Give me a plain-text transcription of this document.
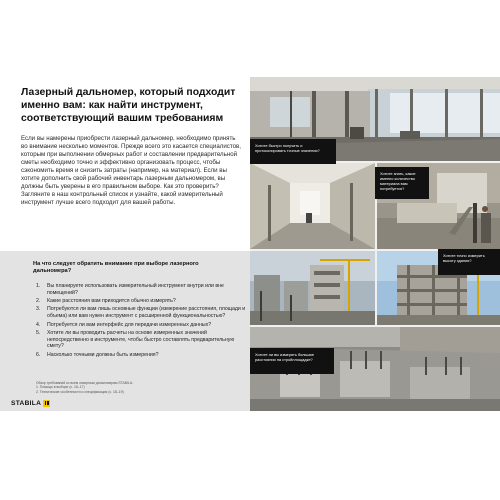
Лазерный дальномер, который подходит именно вам: как найти инструмент, соответствующий вашим требованиям
Если вы намерены приобрести лазерный дальномер, необходимо принять во внимание несколько моментов. Прежде всего это касается специалистов, которым при выполнении обмерных работ и составлении предварительной сметы необходимо точно и эффективно организовать процесс, чтобы сэкономить время и снизить затраты (например, на материал). Если вы хотите дополнить свой рабочий инвентарь лазерным дальномером, вы должны быть уверены в его правильном выборе. Как это проверить? Загляните в наш контрольный список и узнайте, какой измерительный инструмент лучше всего подходит для вашей работы.
На что следует обратить внимание при выборе лазерного дальномера?
1. Вы планируете использовать измерительный инструмент внутри или вне помещений?
2. Какие расстояния вам приходится обычно измерять?
3. Потребуются ли вам лишь основные функции (измерение расстояния, площади и объема) или вам нужен инструмент с расширенной функциональностью?
4. Потребуется ли вам интерфейс для передачи измеренных данных?
5. Хотите ли вы проводить расчеты на основе измеренных значений непосредственно в инструменте, чтобы быстро составлять предварительную смету?
6. Насколько точными должны быть измерения?
Обзор требований ко всем лазерным дальномерам STABILA:
1. Помощь в выборе (с. 16–17)
2. Технические особенности и спецификация (с. 18–19)
STABILA
Хотите быстро получить и протоколировать точные значения?
Хотите знать, какое именно количество материала вам потребуется?
Хотите точно измерить высоту здания?
Хотите ли вы измерять большие расстояния на стройплощадке?
